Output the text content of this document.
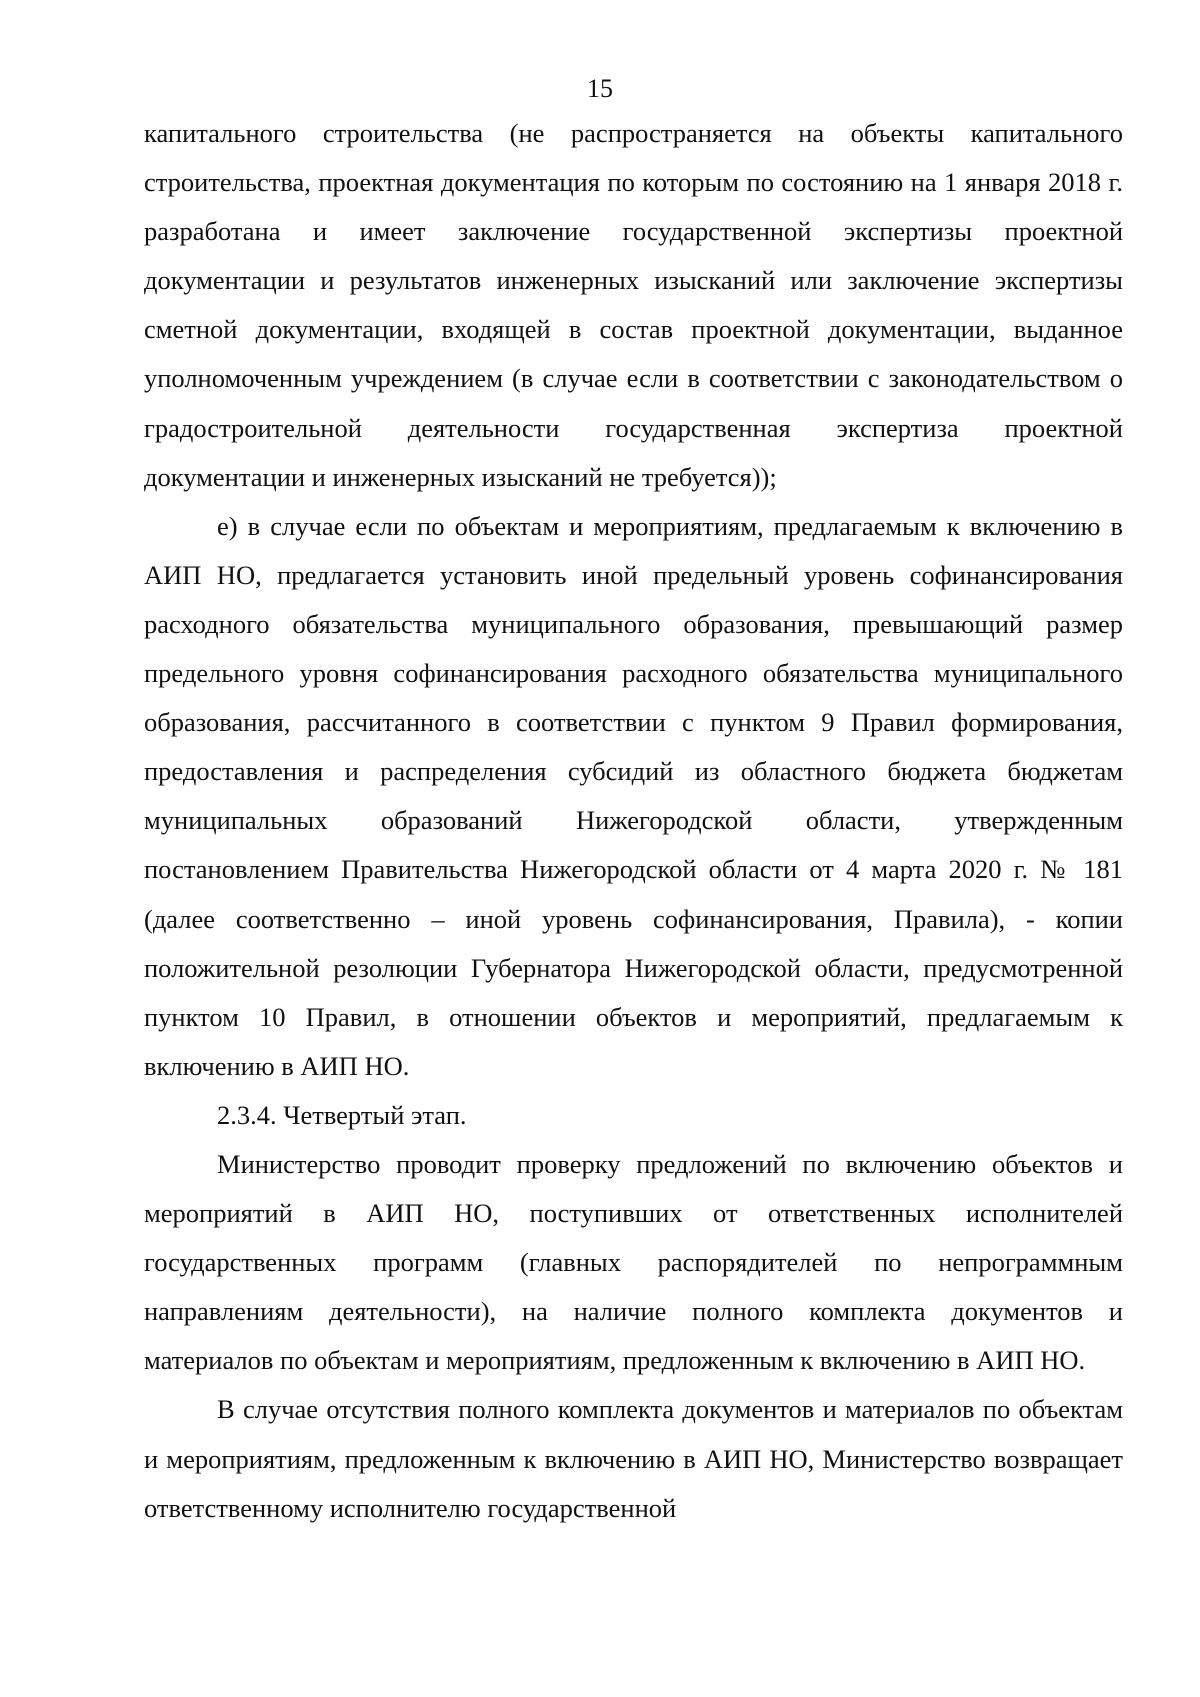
15

капитального строительства (не распространяется на объекты капитального строительства, проектная документация по которым по состоянию на 1 января 2018 г. разработана и имеет заключение государственной экспертизы проектной документации и результатов инженерных изысканий или заключение экспертизы сметной документации, входящей в состав проектной документации, выданное уполномоченным учреждением (в случае если в соответствии с законодательством о градостроительной деятельности государственная экспертиза проектной документации и инженерных изысканий не требуется));

е) в случае если по объектам и мероприятиям, предлагаемым к включению в АИП НО, предлагается установить иной предельный уровень софинансирования расходного обязательства муниципального образования, превышающий размер предельного уровня софинансирования расходного обязательства муниципального образования, рассчитанного в соответствии с пунктом 9 Правил формирования, предоставления и распределения субсидий из областного бюджета бюджетам муниципальных образований Нижегородской области, утвержденным постановлением Правительства Нижегородской области от 4 марта 2020 г. № 181 (далее соответственно – иной уровень софинансирования, Правила), - копии положительной резолюции Губернатора Нижегородской области, предусмотренной пунктом 10 Правил, в отношении объектов и мероприятий, предлагаемым к включению в АИП НО.

2.3.4. Четвертый этап.

Министерство проводит проверку предложений по включению объектов и мероприятий в АИП НО, поступивших от ответственных исполнителей государственных программ (главных распорядителей по непрограммным направлениям деятельности), на наличие полного комплекта документов и материалов по объектам и мероприятиям, предложенным к включению в АИП НО.

В случае отсутствия полного комплекта документов и материалов по объектам и мероприятиям, предложенным к включению в АИП НО, Министерство возвращает ответственному исполнителю государственной
